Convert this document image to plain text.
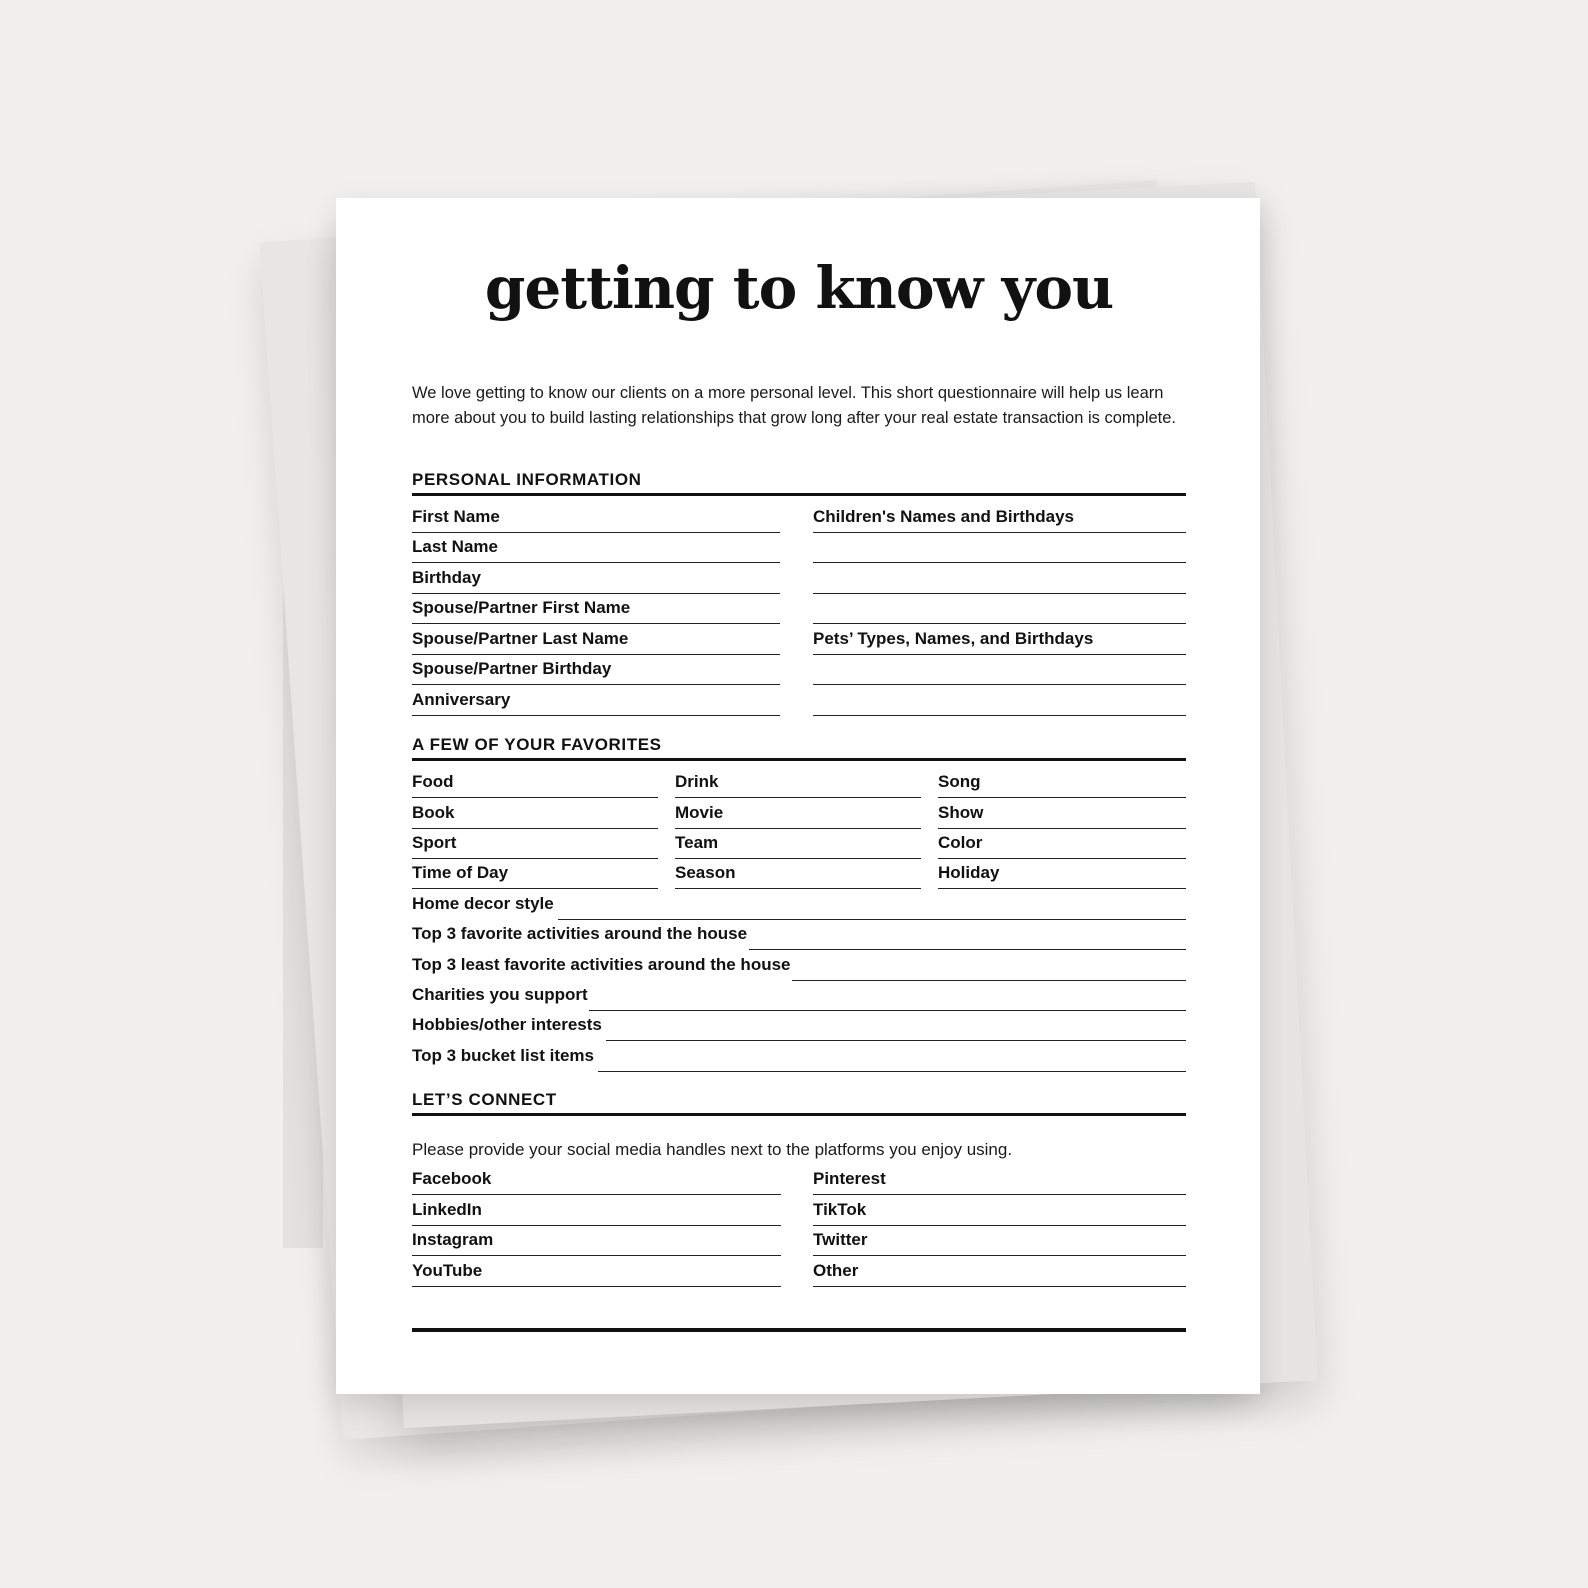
getting to know you
We love getting to know our clients on a more personal level. This short questionnaire will help us learn more about you to build lasting relationships that grow long after your real estate transaction is complete.
PERSONAL INFORMATION
First Name
Last Name
Birthday
Spouse/Partner First Name
Spouse/Partner Last Name
Spouse/Partner Birthday
Anniversary
Children's Names and Birthdays
Pets’ Types, Names, and Birthdays
A FEW OF YOUR FAVORITES
Food
Book
Sport
Time of Day
Drink
Movie
Team
Season
Song
Show
Color
Holiday
Home decor style
Top 3 favorite activities around the house
Top 3 least favorite activities around the house
Charities you support
Hobbies/other interests
Top 3 bucket list items
LET’S CONNECT
Please provide your social media handles next to the platforms you enjoy using.
Facebook
LinkedIn
Instagram
YouTube
Pinterest
TikTok
Twitter
Other
